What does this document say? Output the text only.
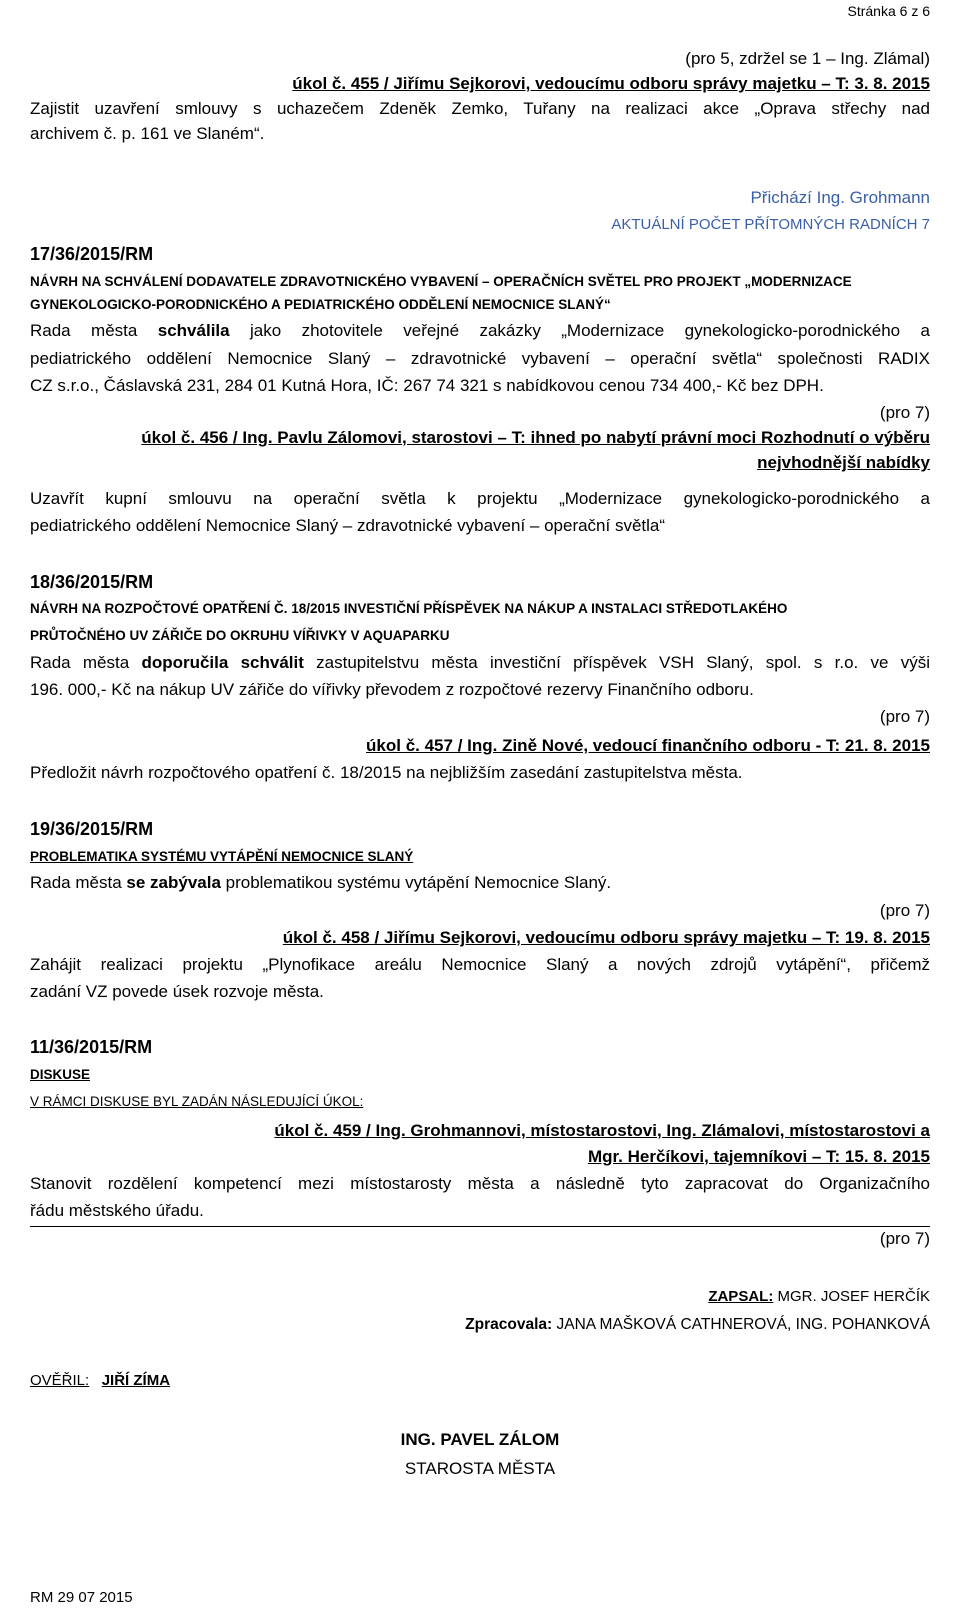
Stránka 6 z 6
(pro 5, zdržel se 1 – Ing. Zlámal)
úkol č. 455 / Jiřímu Sejkorovi, vedoucímu odboru správy majetku – T: 3. 8. 2015
Zajistit uzavření smlouvy s uchazečem Zdeněk Zemko, Tuřany na realizaci akce „Oprava střechy nad
archivem č. p. 161 ve Slaném“.
Přichází Ing. Grohmann
AKTUÁLNÍ POČET PŘÍTOMNÝCH RADNÍCH 7
17/36/2015/RM
NÁVRH NA SCHVÁLENÍ DODAVATELE ZDRAVOTNICKÉHO VYBAVENÍ – OPERAČNÍCH SVĚTEL PRO PROJEKT „MODERNIZACE
GYNEKOLOGICKO-PORODNICKÉHO A PEDIATRICKÉHO ODDĚLENÍ NEMOCNICE SLANÝ“
Rada města schválila jako zhotovitele veřejné zakázky „Modernizace gynekologicko-porodnického a
pediatrického oddělení Nemocnice Slaný – zdravotnické vybavení – operační světla“ společnosti RADIX
CZ s.r.o., Čáslavská 231, 284 01 Kutná Hora, IČ: 267 74 321 s nabídkovou cenou 734 400,- Kč bez DPH.
(pro 7)
úkol č. 456 / Ing. Pavlu Zálomovi, starostovi – T: ihned po nabytí právní moci Rozhodnutí o výběru
nejvhodnější nabídky
Uzavřít kupní smlouvu na operační světla k projektu „Modernizace gynekologicko-porodnického a
pediatrického oddělení Nemocnice Slaný – zdravotnické vybavení – operační světla“
18/36/2015/RM
NÁVRH NA ROZPOČTOVÉ OPATŘENÍ Č. 18/2015 INVESTIČNÍ PŘÍSPĚVEK NA NÁKUP A INSTALACI STŘEDOTLAKÉHO
PRŮTOČNÉHO UV ZÁŘIČE DO OKRUHU VÍŘIVKY V AQUAPARKU
Rada města doporučila schválit zastupitelstvu města investiční příspěvek VSH Slaný, spol. s r.o. ve výši
196. 000,- Kč na nákup UV zářiče do vířivky převodem z rozpočtové rezervy Finančního odboru.
(pro 7)
úkol č. 457 / Ing. Zině Nové, vedoucí finančního odboru - T: 21. 8. 2015
Předložit návrh rozpočtového opatření č. 18/2015 na nejbližším zasedání zastupitelstva města.
19/36/2015/RM
PROBLEMATIKA SYSTÉMU VYTÁPĚNÍ NEMOCNICE SLANÝ
Rada města se zabývala problematikou systému vytápění Nemocnice Slaný.
(pro 7)
úkol č. 458 / Jiřímu Sejkorovi, vedoucímu odboru správy majetku – T: 19. 8. 2015
Zahájit realizaci projektu „Plynofikace areálu Nemocnice Slaný a nových zdrojů vytápění“, přičemž
zadání VZ povede úsek rozvoje města.
11/36/2015/RM
DISKUSE
V RÁMCI DISKUSE BYL ZADÁN NÁSLEDUJÍCÍ ÚKOL:
úkol č. 459 / Ing. Grohmannovi, místostarostovi, Ing. Zlámalovi, místostarostovi a
Mgr. Herčíkovi, tajemníkovi – T: 15. 8. 2015
Stanovit rozdělení kompetencí mezi místostarosty města a následně tyto zapracovat do Organizačního
řádu městského úřadu.
(pro 7)
ZAPSAL: MGR. JOSEF HERČÍK
Zpracovala: JANA MAŠKOVÁ CATHNEROVÁ, ING. POHANKOVÁ
OVĚŘIL: JIŘÍ ZÍMA
ING. PAVEL ZÁLOM
STAROSTA MĚSTA
RM 29 07 2015
